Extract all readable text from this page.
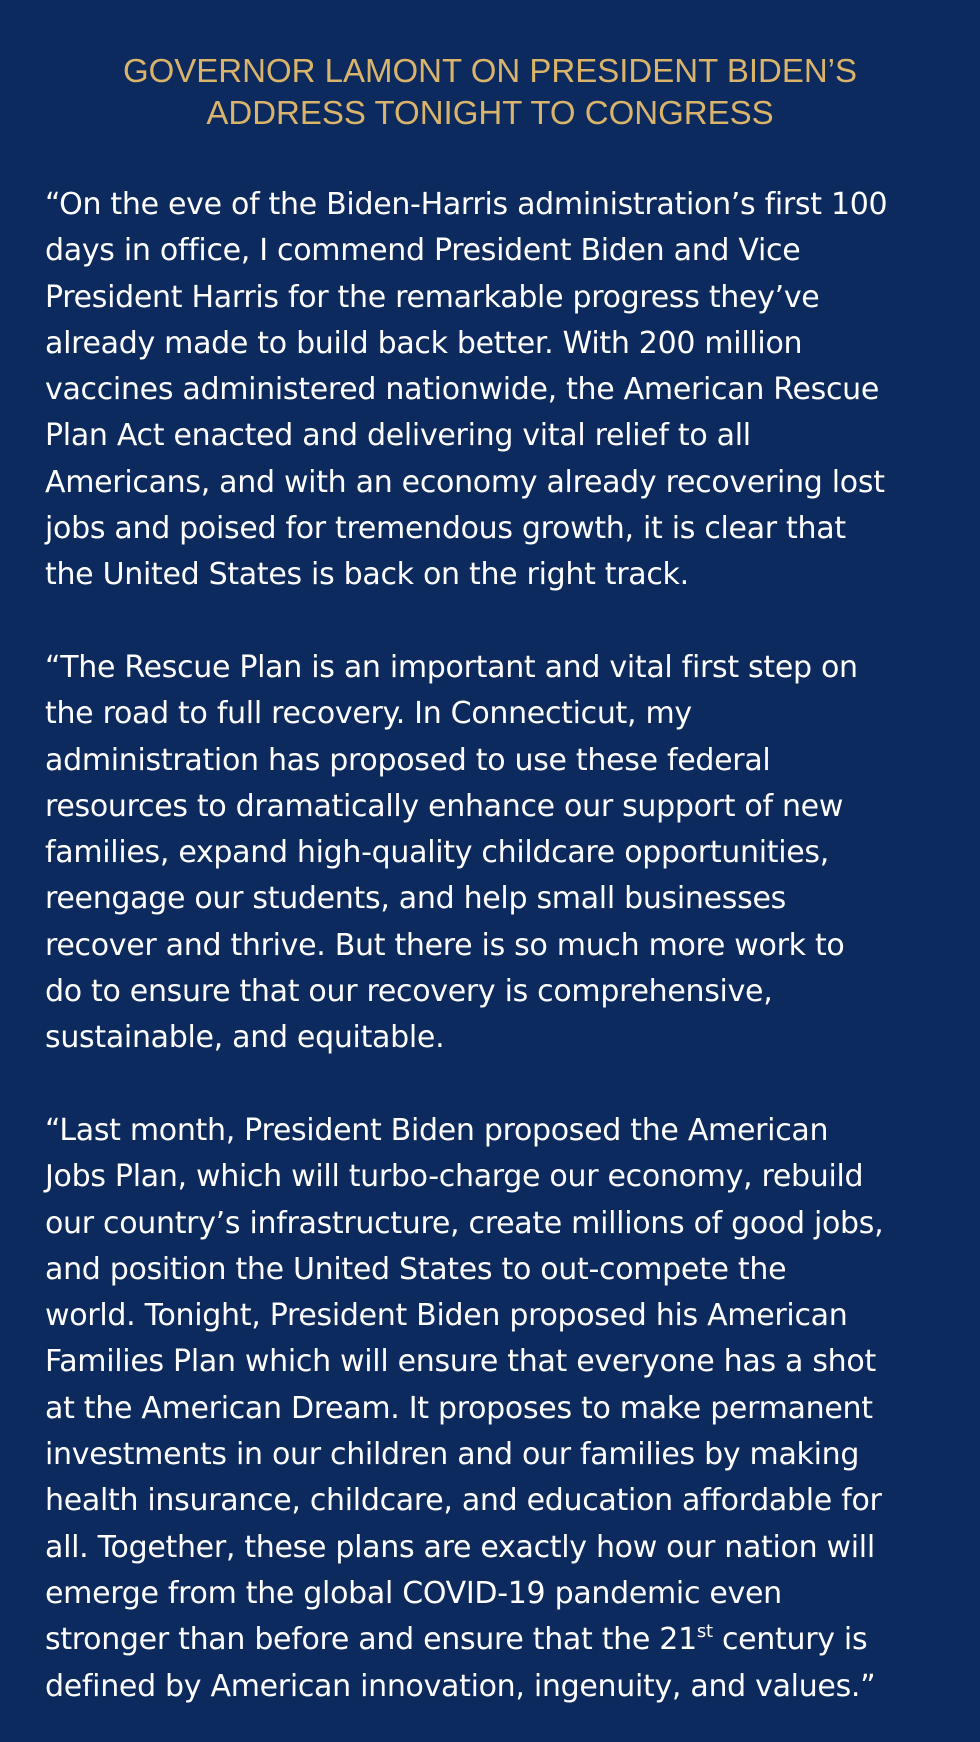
GOVERNOR LAMONT ON PRESIDENT BIDEN’S
ADDRESS TONIGHT TO CONGRESS
“On the eve of the Biden-Harris administration’s first 100
days in office, I commend President Biden and Vice
President Harris for the remarkable progress they’ve
already made to build back better. With 200 million
vaccines administered nationwide, the American Rescue
Plan Act enacted and delivering vital relief to all
Americans, and with an economy already recovering lost
jobs and poised for tremendous growth, it is clear that
the United States is back on the right track.
“The Rescue Plan is an important and vital first step on
the road to full recovery. In Connecticut, my
administration has proposed to use these federal
resources to dramatically enhance our support of new
families, expand high-quality childcare opportunities,
reengage our students, and help small businesses
recover and thrive. But there is so much more work to
do to ensure that our recovery is comprehensive,
sustainable, and equitable.
“Last month, President Biden proposed the American
Jobs Plan, which will turbo-charge our economy, rebuild
our country’s infrastructure, create millions of good jobs,
and position the United States to out-compete the
world. Tonight, President Biden proposed his American
Families Plan which will ensure that everyone has a shot
at the American Dream. It proposes to make permanent
investments in our children and our families by making
health insurance, childcare, and education affordable for
all. Together, these plans are exactly how our nation will
emerge from the global COVID-19 pandemic even
stronger than before and ensure that the 21st century is
defined by American innovation, ingenuity, and values.”
